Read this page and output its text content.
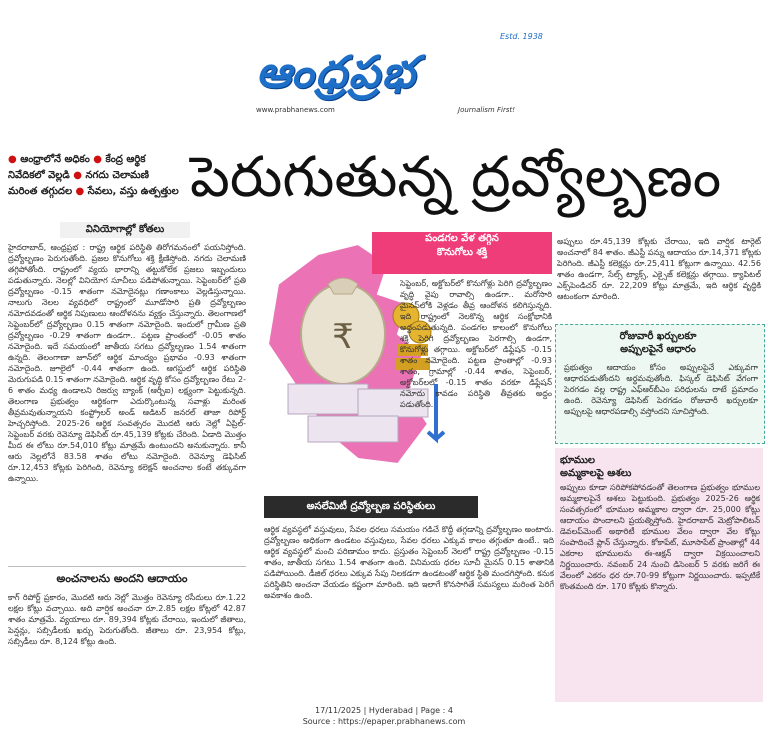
ఆంధ్రప్రభ
Estd. 1938
www.prabhanews.com	Journalism First!
● ఆంధ్రాలోనే అధికం ● కేంద్ర ఆర్థిక
నివేదికలో వెల్లడి ● నగదు చెలామణి
మరింత తగ్గుదల ● సేవలు, వస్తు ఉత్పత్తుల పెరుగుతున్న ద్రవ్యోల్బణం
వినియోగాల్లో కోతలు
హైదరాబాద్, ఆంధ్రప్రభ : రాష్ట్ర ఆర్థిక పరిస్థితి తిరోగమనంలో పయనిస్తోంది. ద్రవ్యోల్బణం పెరుగుతోంది. ప్రజల కొనుగోలు శక్తి క్షీణిస్తోంది. నగదు చెలామణి తగ్గిపోతోంది. రాష్ట్రంలో వ్యయ భారాన్ని తట్టుకోలేక ప్రజలు ఇబ్బందులు పడుతున్నారు. నెలల్లో వినియోగ సూచీలు పడిపోతున్నాయి. సెప్టెంబర్‌లో ప్రతి ద్రవ్యోల్బణం -0.15 శాతంగా నమోదైనట్లు గణాంకాలు వెల్లడిస్తున్నాయి. నాలుగు నెలల వ్యవధిలో రాష్ట్రంలో మూడోసారి ప్రతి ద్రవ్యోల్బణం నమోదవడంతో ఆర్థిక నిపుణులు ఆందోళనను వ్యక్తం చేస్తున్నారు. తెలంగాణలో సెప్టెంబర్‌లో ద్రవ్యోల్బణం 0.15 శాతంగా నమోదైంది. ఇందులో గ్రామీణ ప్రతి ద్రవ్యోల్బణం -0.29 శాతంగా ఉండగా.. పట్టణ ప్రాంతంలో -0.05 శాతం నమోదైంది. ఇదే సమయంలో జాతీయ సగటు ద్రవ్యోల్బణం 1.54 శాతంగా ఉన్నది. తెలంగాణా జూన్‌లో ఆర్థిక మాంద్యం ప్రభావం -0.93 శాతంగా నమోదైంది. జూలైలో -0.44 శాతంగా ఉంది. ఆగస్టులో ఆర్థిక పరిస్థితి మెరుగుపడి 0.15 శాతంగా నమోదైంది. ఆర్థిక వృద్ధి కోసం ద్రవ్యోల్బణం రేటు 2-6 శాతం మధ్య ఉండాలని రిజర్వు బ్యాంక్ (ఆర్బీఐ) లక్ష్యంగా పెట్టుకున్నది. తెలంగాణ ప్రభుత్వం ఆర్థికంగా ఎదుర్కొంటున్న సవాళ్లు మరింత తీవ్రమవుతున్నాయని కంప్ట్రోలర్ అండ్ ఆడిటర్ జనరల్ తాజా రిపోర్ట్ హెచ్చరిస్తోంది. 2025-26 ఆర్థిక సంవత్సరం మొదటి ఆరు నెల్లో ఏప్రిల్-సెప్టెంబర్ వరకు రెవెన్యూ డెఫిసిట్ రూ.45,139 కోట్లకు చేరింది. ఏడాది మొత్తం మీద ఈ లోటు రూ.54,010 కోట్లు మాత్రమే ఉంటుందని అనుకున్నారు. కానీ ఆరు నెల్లలోనే 83.58 శాతం లోటు నమోదైంది. రెవెన్యూ డెఫిసిట్ రూ.12,453 కోట్లకు పెరిగింది, రెవెన్యూ కలెక్షన్ అంచనాల కంటే తక్కువగా ఉన్నాయి.
అంచనాలను అందని ఆదాయం
కాగ్ రిపోర్ట్ ప్రకారం, మొదటి ఆరు నెల్లో మొత్తం రెవెన్యూ రసీదులు రూ.1.22 లక్షల కోట్లు వచ్చాయి. అది వార్షిక అంచనా రూ.2.85 లక్షల కోట్లలో 42.87 శాతం మాత్రమే. వ్యయాలు రూ. 89,394 కోట్లకు చేరాయి, ఇందులో జీతాలు, పెన్షన్లు, సబ్సిడీలకు ఖర్చు పెరుగుతోంది. జీతాలు రూ. 23,954 కోట్లు, సబ్సిడీలు రూ. 8,124 కోట్లు ఉంది.
₹
పండగల వేళ తగ్గిన
కొనుగోలు శక్తి
సెప్టెంబర్, అక్టోబర్‌లో కొనుగోళ్లు పెరిగి ద్రవ్యోల్బణం వృద్ధి వైపు రావాల్సి ఉండగా.. మరోసారి మైనస్‌లోకి వెళ్లడం తీవ్ర ఆందోళన కలిగిస్తున్నది. ఇది రాష్ట్రంలో నెలకొన్న ఆర్థిక సంక్షోభానికి అద్దంపడుతున్నది. పండగల కాలంలో కొనుగోలు శక్తి పెరిగి ద్రవ్యోల్బణం పెరగాల్సి ఉండగా, కొనుగోళ్లు తగ్గాయి. అక్టోబర్‌లో డిఫ్లేషన్ -0.15 శాతం నమోదైంది. పట్టణ ప్రాంతాల్లో -0.93 శాతం, గ్రామాల్లో -0.44 శాతం, సెప్టెంబర్, అక్టోబర్‌లలో -0.15 శాతం వరకూ డిఫ్లేషన్ నమోదు కావడం పరిస్థితి తీవ్రతకు అద్దం పడుతోంది.
అసలేమిటీ ద్రవ్యోల్బణ పరిస్థితులు
ఆర్థిక వ్యవస్థలో వస్తువులు, సేవల ధరలు సమయం గడిచే కొద్దీ తగ్గడాన్ని ద్రవ్యోల్బణం అంటారు. ద్రవ్యోల్బణం అధికంగా ఉండటం వస్తువులు, సేవల ధరలు ఎక్కువ కాలం తగ్గుతూ ఉంటే.. ఇది ఆర్థిక వ్యవస్థలో మంచి పరిణామం కాదు. ప్రస్తుతం సెప్టెంబర్ నెలలో రాష్ట్ర ద్రవ్యోల్బణం -0.15 శాతం, జాతీయ సగటు 1.54 శాతంగా ఉంది. వినిమయ ధరల సూచీ మైనస్ 0.15 శాతానికి పడిపోయింది. డీజిల్ ధరలు ఎక్కువ సేపు నిలకడగా ఉండటంతో ఆర్థిక స్థితి మందగిస్తోంది. కనుక పరిస్థితిని అంచనా వేయడం కష్టంగా మారింది. ఇది ఇలాగే కొనసాగితే సమస్యలు మరింత పెరిగే అవకాశం ఉంది.
అప్పులు రూ.45,139 కోట్లకు చేరాయి, ఇది వార్షిక టార్గెట్ అంచనాలో 84 శాతం. జీఎస్టీ పన్ను ఆదాయం రూ.14,371 కోట్లకు పెరిగింది. జీఎస్టీ కలెక్షన్లు రూ.25,411 కోట్లుగా ఉన్నాయి. 42.56 శాతం ఉండగా, సేల్స్ ట్యాక్స్, ఎక్సైజ్ కలెక్షన్లు తగ్గాయి. క్యాపిటల్ ఎక్స్‌పెండిచర్ రూ. 22,209 కోట్లు మాత్రమే, ఇది ఆర్థిక వృద్ధికి ఆటంకంగా మారింది.
రోజువారీ ఖర్చులకూ
అప్పులపైనే ఆధారం
ప్రభుత్వం ఆదాయం కోసం అప్పులపైనే ఎక్కువగా ఆధారపడుతోందని అర్థమవుతోంది. ఫిస్కల్ డెఫిసిట్ వేగంగా పెరగడం వల్ల రాష్ట్ర ఎఫ్ఆర్‌బీఎం పరిధులను దాటే ప్రమాదం ఉంది. రెవెన్యూ డెఫిసిట్ పెరగడం రోజువారీ ఖర్చులకూ అప్పులపై ఆధారపడాల్సి వస్తోందని సూచిస్తోంది.
భూముల
అమ్మకాలపై ఆశలు
అప్పులు కూడా సరిపోకపోవడంతో తెలంగాణ ప్రభుత్వం భూముల అమ్మకాలపైనే ఆశలు పెట్టుకుంది. ప్రభుత్వం 2025-26 ఆర్థిక సంవత్సరంలో భూముల అమ్మకాల ద్వారా రూ. 25,000 కోట్లు ఆదాయం పొందాలని ప్రయత్నిస్తోంది. హైదరాబాద్ మెట్రోపాలిటన్ డెవలప్‌మెంట్ అథారిటీ భూముల వేలం ద్వారా వేల కోట్లు సంపాదించే ప్లాన్ చేస్తున్నారు. కోకాపేట్, మూసాపేట్ ప్రాంతాల్లో 44 ఎకరాల భూములను ఈ-ఆక్షన్ ద్వారా విక్రయించాలని నిర్ణయించారు. నవంబర్ 24 నుంచి డిసెంబర్ 5 వరకు జరిగే ఈ వేలంలో ఎకరం ధర రూ.70-99 కోట్లుగా నిర్ణయించారు. ఇప్పటికే కొంతమంది రూ. 170 కోట్లకు కొన్నారు.
17/11/2025 | Hyderabad | Page : 4
Source : https://epaper.prabhanews.com
